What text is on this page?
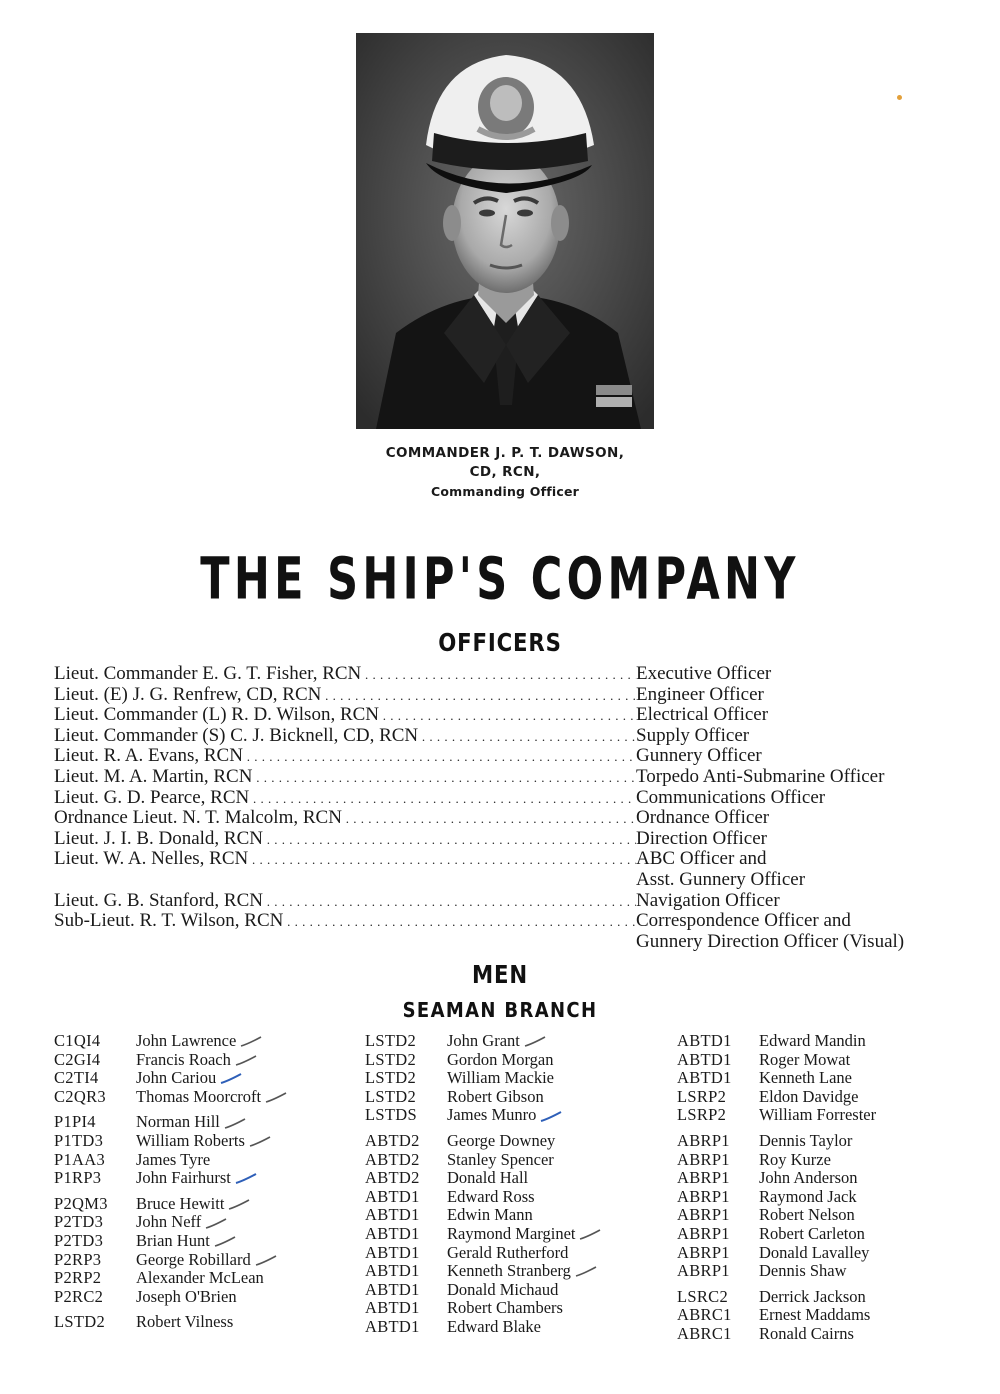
COMMANDER J. P. T. DAWSON,
CD, RCN,
Commanding Officer
THE SHIP'S COMPANY
OFFICERS
Lieut. Commander E. G. T. Fisher, RCN . . .	Executive Officer
Lieut. (E) J. G. Renfrew, CD, RCN . . .	Engineer Officer
Lieut. Commander (L) R. D. Wilson, RCN . . .	Electrical Officer
Lieut. Commander (S) C. J. Bicknell, CD, RCN . . .	Supply Officer
Lieut. R. A. Evans, RCN . . .	Gunnery Officer
Lieut. M. A. Martin, RCN . . .	Torpedo Anti-Submarine Officer
Lieut. G. D. Pearce, RCN . . .	Communications Officer
Ordnance Lieut. N. T. Malcolm, RCN . . .	Ordnance Officer
Lieut. J. I. B. Donald, RCN . . .	Direction Officer
Lieut. W. A. Nelles, RCN . . .	ABC Officer and
Asst. Gunnery Officer
Lieut. G. B. Stanford, RCN . . .	Navigation Officer
Sub-Lieut. R. T. Wilson, RCN . . .	Correspondence Officer and
Gunnery Direction Officer (Visual)
MEN
SEAMAN BRANCH
C1QI4 John Lawrence
C2GI4 Francis Roach
C2TI4 John Cariou
C2QR3 Thomas Moorcroft
P1PI4 Norman Hill
P1TD3 William Roberts
P1AA3 James Tyre
P1RP3 John Fairhurst
P2QM3 Bruce Hewitt
P2TD3 John Neff
P2TD3 Brian Hunt
P2RP3 George Robillard
P2RP2 Alexander McLean
P2RC2 Joseph O'Brien
LSTD2 Robert Vilness
LSTD2 John Grant
LSTD2 Gordon Morgan
LSTD2 William Mackie
LSTD2 Robert Gibson
LSTDS James Munro
ABTD2 George Downey
ABTD2 Stanley Spencer
ABTD2 Donald Hall
ABTD1 Edward Ross
ABTD1 Edwin Mann
ABTD1 Raymond Marginet
ABTD1 Gerald Rutherford
ABTD1 Kenneth Stranberg
ABTD1 Donald Michaud
ABTD1 Robert Chambers
ABTD1 Edward Blake
ABTD1 Edward Mandin
ABTD1 Roger Mowat
ABTD1 Kenneth Lane
LSRP2 Eldon Davidge
LSRP2 William Forrester
ABRP1 Dennis Taylor
ABRP1 Roy Kurze
ABRP1 John Anderson
ABRP1 Raymond Jack
ABRP1 Robert Nelson
ABRP1 Robert Carleton
ABRP1 Donald Lavalley
ABRP1 Dennis Shaw
LSRC2 Derrick Jackson
ABRC1 Ernest Maddams
ABRC1 Ronald Cairns
